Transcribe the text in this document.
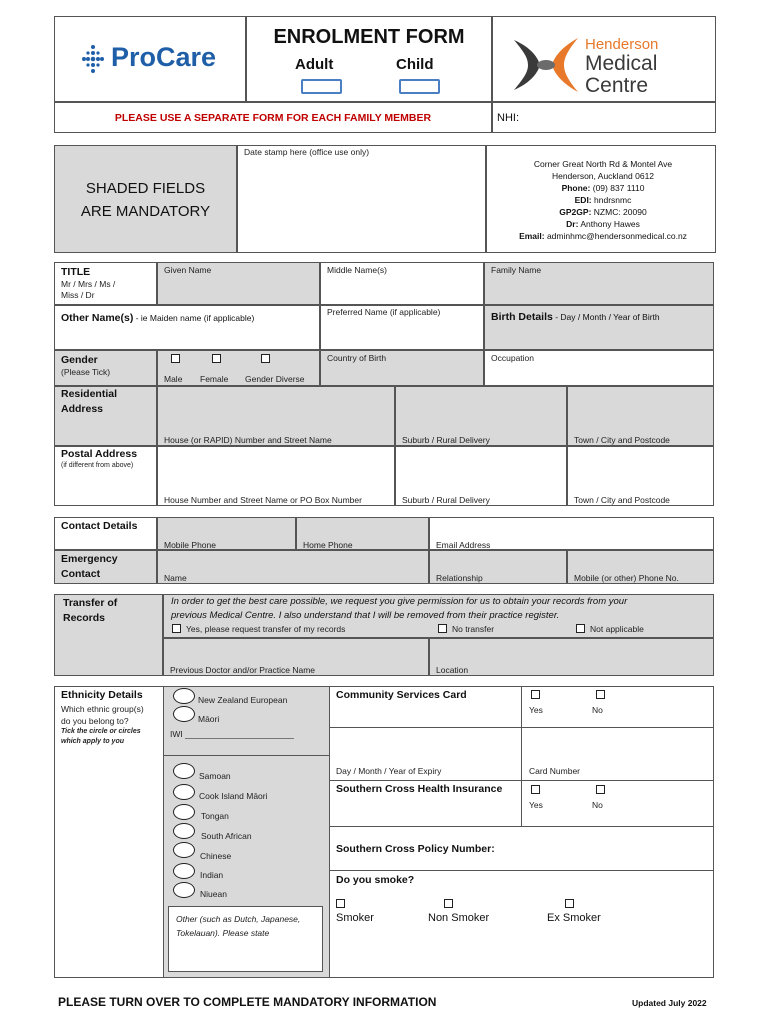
ProCare
ENROLMENT FORM
Adult	Child
Henderson
Medical
Centre
PLEASE USE A SEPARATE FORM FOR EACH FAMILY MEMBER	NHI:
SHADED FIELDS
ARE MANDATORY
Date stamp here (office use only)
Corner Great North Rd & Montel Ave
Henderson, Auckland 0612
Phone: (09) 837 1110
EDI: hndrsnmc
GP2GP: NZMC: 20090
Dr: Anthony Hawes
Email: adminhmc@hendersonmedical.co.nz
TITLE
Mr / Mrs / Ms /
Miss / Dr
Given Name	Middle Name(s)	Family Name
Other Name(s) - ie Maiden name (if applicable)
Preferred Name (if applicable)	Birth Details - Day / Month / Year of Birth
Gender
(Please Tick)
Male Female Gender Diverse
Country of Birth	Occupation
Residential
Address
House (or RAPID) Number and Street Name	Suburb / Rural Delivery	Town / City and Postcode
Postal Address
(if different from above)
House Number and Street Name or PO Box Number	Suburb / Rural Delivery	Town / City and Postcode
Contact Details
Mobile Phone	Home Phone	Email Address
Emergency
Contact	Name	Relationship	Mobile (or other) Phone No.
Transfer of
Records
In order to get the best care possible, we request you give permission for us to obtain your records from your
previous Medical Centre. I also understand that I will be removed from their practice register.
Yes, please request transfer of my records	No transfer	Not applicable
Previous Doctor and/or Practice Name	Location
Ethnicity Details
Which ethnic group(s)
do you belong to?
Tick the circle or circles
which apply to you
New Zealand European
Māori
IWI _______________________
Samoan
Cook Island Māori
Tongan
South African
Chinese
Indian
Niuean
Other (such as Dutch, Japanese,
Tokelauan). Please state
Community Services Card
Yes	No
Day / Month / Year of Expiry	Card Number
Southern Cross Health Insurance
Yes	No
Southern Cross Policy Number:
Do you smoke?
Smoker	Non Smoker	Ex Smoker
PLEASE TURN OVER TO COMPLETE MANDATORY INFORMATION	Updated July 2022
